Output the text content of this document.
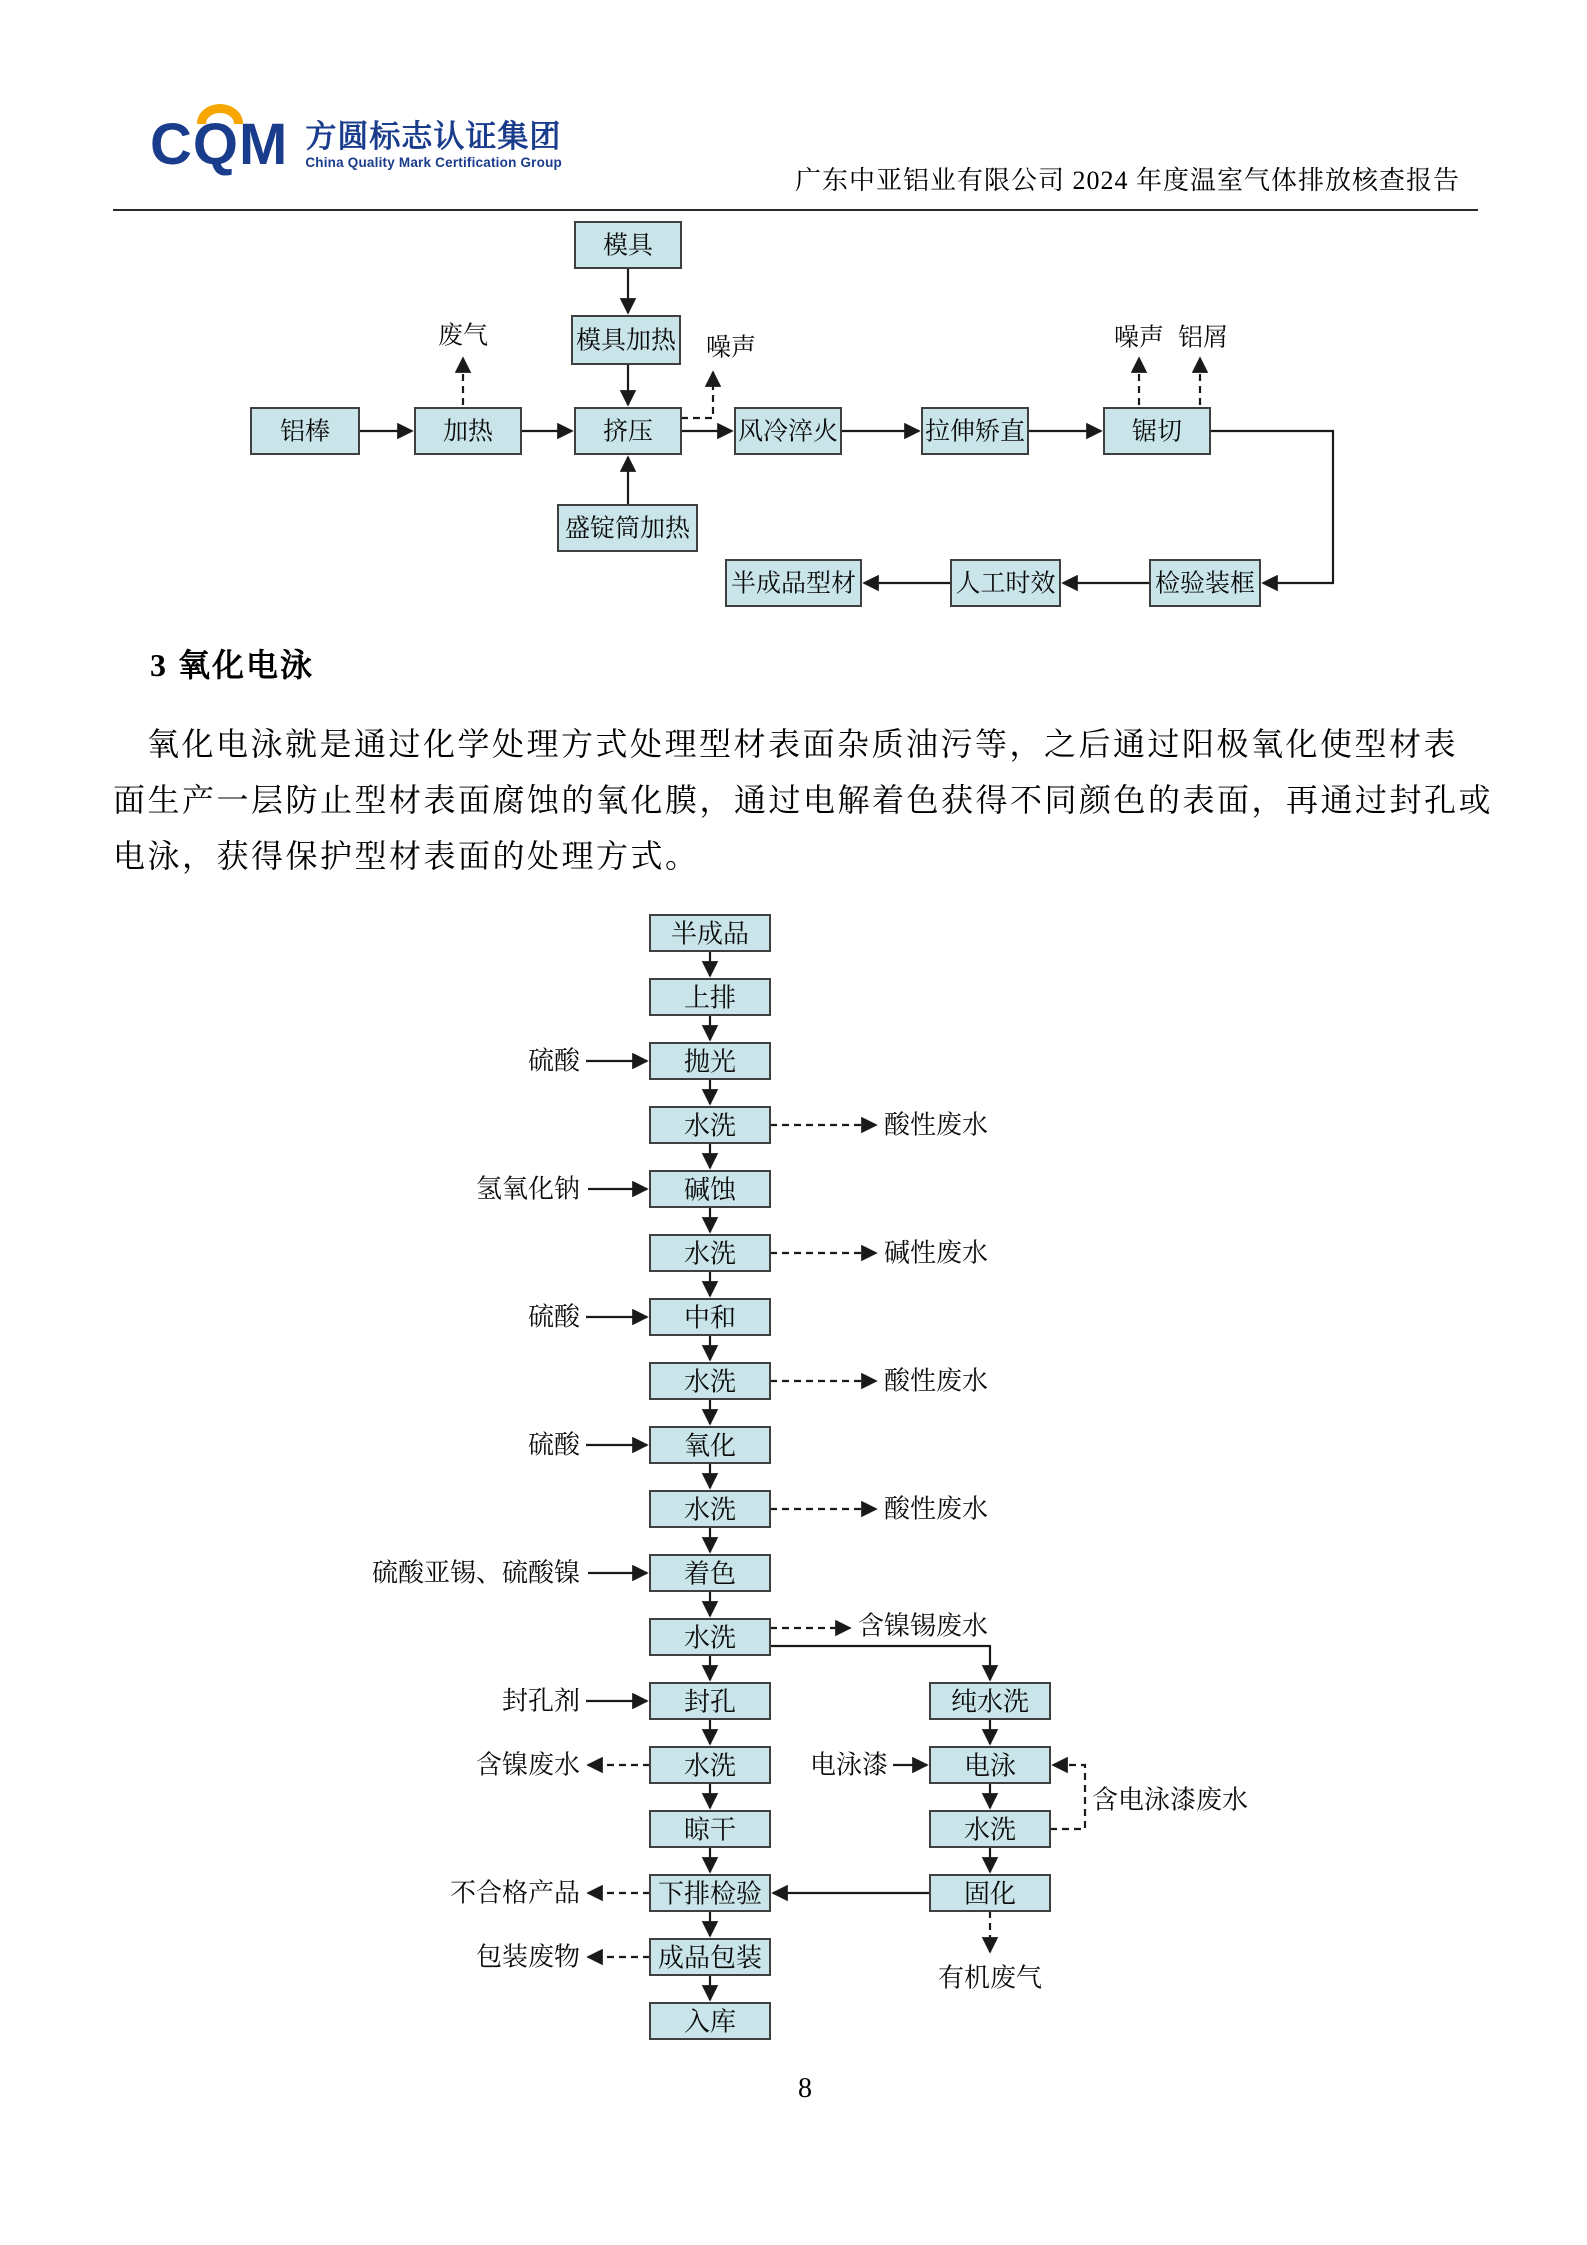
CQM 方圆标志认证集团
China Quality Mark Certification Group
广东中亚铝业有限公司 2024 年度温室气体排放核查报告
模具
模具加热
铝棒	加热	挤压	风冷淬火	拉伸矫直	锯切
盛锭筒加热
检验装框
人工时效
半成品型材
废气	噪声	噪声 铝屑
半成品
上排
抛光
水洗
碱蚀
水洗
中和
水洗
氧化
水洗
着色
水洗
封孔
水洗
晾干
下排检验
成品包装
入库
纯水洗
电泳
水洗
固化
硫酸
氢氧化钠
硫酸
硫酸
硫酸亚锡、硫酸镍
封孔剂
含镍废水
不合格产品
包装废物
酸性废水
碱性废水
酸性废水
酸性废水
含镍锡废水
电泳漆
含电泳漆废水
有机废气
3 氧化电泳
氧化电泳就是通过化学处理方式处理型材表面杂质油污等，之后通过阳极氧化使型材表
面生产一层防止型材表面腐蚀的氧化膜，通过电解着色获得不同颜色的表面，再通过封孔或
电泳，获得保护型材表面的处理方式。
8
